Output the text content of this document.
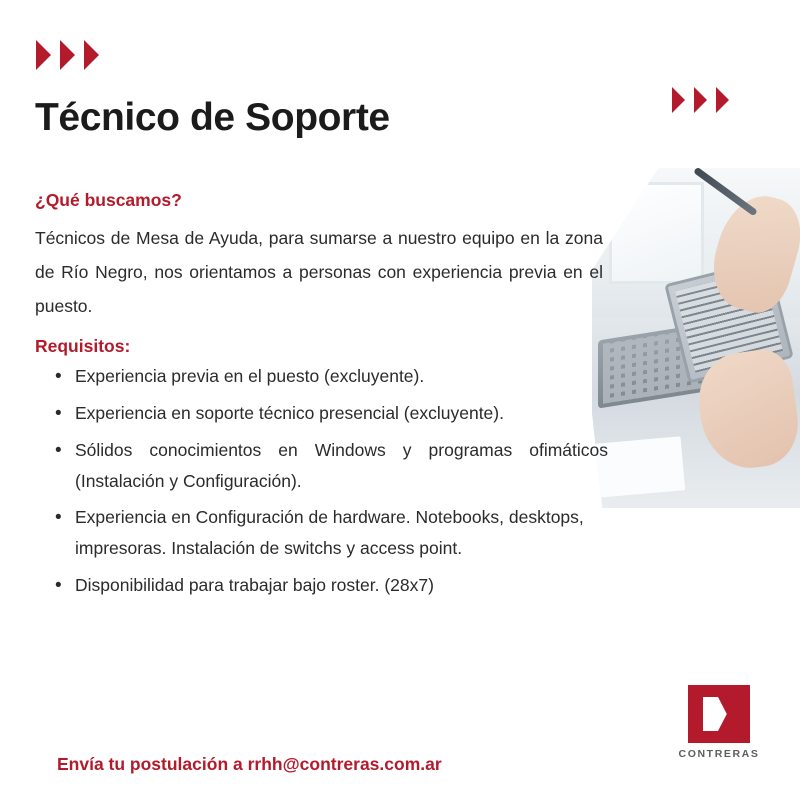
Técnico de Soporte
¿Qué buscamos?

Técnicos de Mesa de Ayuda, para sumarse a nuestro equipo en la zona de Río Negro, nos orientamos a personas con experiencia previa en el puesto.

Requisitos:
• Experiencia previa en el puesto (excluyente).
• Experiencia en soporte técnico presencial (excluyente).
• Sólidos conocimientos en Windows y programas ofimáticos (Instalación y Configuración).
• Experiencia en Configuración de hardware. Notebooks, desktops, impresoras. Instalación de switchs y access point.
• Disponibilidad para trabajar bajo roster. (28x7)
Envía tu postulación a rrhh@contreras.com.ar	CONTRERAS
